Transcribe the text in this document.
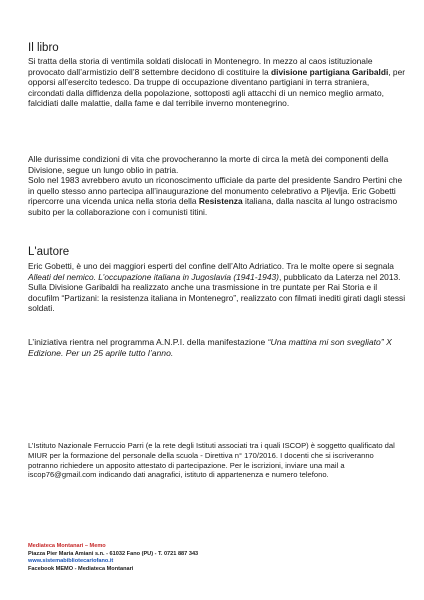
Il libro
Si tratta della storia di ventimila soldati dislocati in Montenegro. In mezzo al caos istituzionale provocato dall’armistizio dell’8 settembre decidono di costituire la divisione partigiana Garibaldi, per opporsi all’esercito tedesco. Da truppe di occupazione diventano partigiani in terra straniera, circondati dalla diffidenza della popolazione, sottoposti agli attacchi di un nemico meglio armato, falcidiati dalle malattie, dalla fame e dal terribile inverno montenegrino.
Alle durissime condizioni di vita che provocheranno la morte di circa la metà dei componenti della Divisione, segue un lungo oblio in patria.
Solo nel 1983 avrebbero avuto un riconoscimento ufficiale da parte del presidente Sandro Pertini che in quello stesso anno partecipa all’inaugurazione del monumento celebrativo a Pljevlja. Eric Gobetti ripercorre una vicenda unica nella storia della Resistenza italiana, dalla nascita al lungo ostracismo subito per la collaborazione con i comunisti titini.
L'autore
Eric Gobetti, è uno dei maggiori esperti del confine dell’Alto Adriatico. Tra le molte opere si segnala Alleati del nemico. L’occupazione italiana in Jugoslavia (1941-1943), pubblicato da Laterza nel 2013. Sulla Divisione Garibaldi ha realizzato anche una trasmissione in tre puntate per Rai Storia e il docufilm “Partizani: la resistenza italiana in Montenegro”, realizzato con filmati inediti girati dagli stessi soldati.
L’iniziativa rientra nel programma A.N.P.I. della manifestazione “Una mattina mi son svegliato” X Edizione. Per un 25 aprile tutto l’anno.
L’Istituto Nazionale Ferruccio Parri (e la rete degli Istituti associati tra i quali ISCOP) è soggetto qualificato dal MIUR per la formazione del personale della scuola - Direttiva n° 170/2016. I docenti che si iscriveranno potranno richiedere un apposito attestato di partecipazione. Per le iscrizioni, inviare una mail a iscop76@gmail.com indicando dati anagrafici, istituto di appartenenza e numero telefono.
Mediateca Montanari – Memo
Piazza Pier Maria Amiani s.n. - 61032 Fano (PU) - T. 0721 887 343
www.sistemabibliotecariofano.it
Facebook MEMO - Mediateca Montanari
